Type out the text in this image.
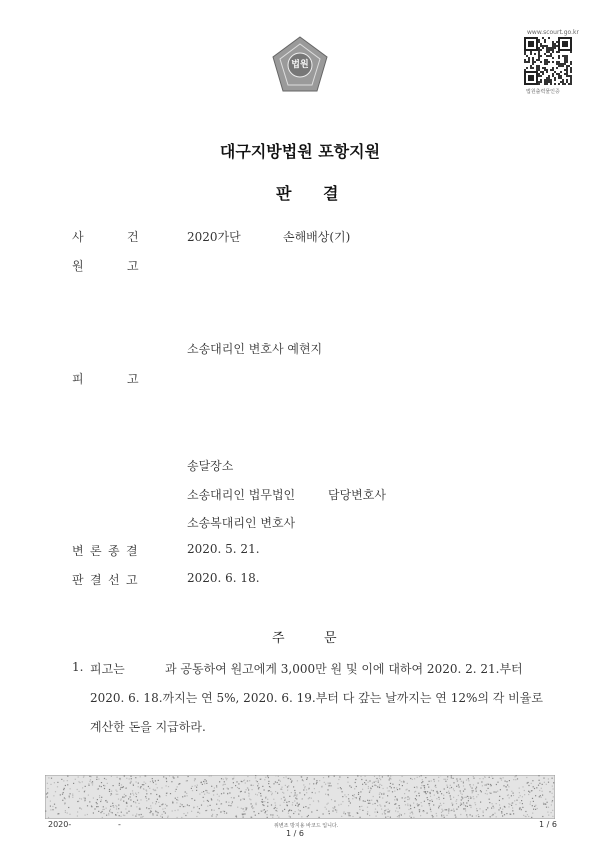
법원
www.scourt.go.kr
법원출력물인증
대구지방법원 포항지원
판 결
사	건	2020가단	손해배상(기)
원	고
소송대리인 변호사 예현지
피	고
송달장소
소송대리인 법무법인	담당변호사
소송복대리인 변호사
변 론 종 결	2020. 5. 21.
판 결 선 고	2020. 6. 18.
주	문
1. 피고는	과 공동하여 원고에게 3,000만 원 및 이에 대하여 2020. 2. 21.부터
2020. 6. 18.까지는 연 5%, 2020. 6. 19.부터 다 갚는 날까지는 연 12%의 각 비율로
계산한 돈을 지급하라.
2020-	-	위변조 방지용 바코드 입니다.
1 / 6
1 / 6
